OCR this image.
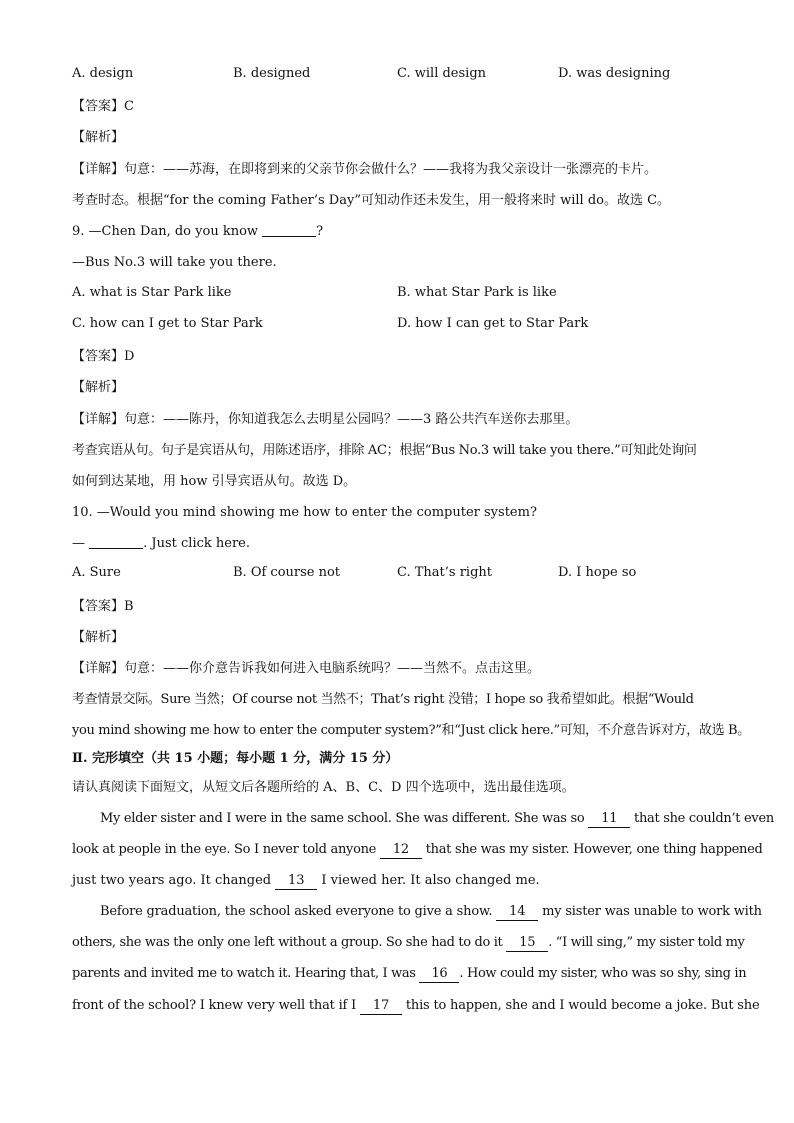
A. design	B. designed	C. will design	D. was designing
【答案】C
【解析】
【详解】句意：——苏海，在即将到来的父亲节你会做什么？——我将为我父亲设计一张漂亮的卡片。
考查时态。根据“for the coming Father’s Day”可知动作还未发生，用一般将来时 will do。故选 C。
9. —Chen Dan, do you know	?
—Bus No.3 will take you there.
A. what is Star Park like	B. what Star Park is like
C. how can I get to Star Park	D. how I can get to Star Park
【答案】D
【解析】
【详解】句意：——陈丹，你知道我怎么去明星公园吗？——3 路公共汽车送你去那里。
考查宾语从句。句子是宾语从句，用陈述语序，排除 AC；根据“Bus No.3 will take you there.”可知此处询问
如何到达某地，用 how 引导宾语从句。故选 D。
10. —Would you mind showing me how to enter the computer system?
—	. Just click here.
A. Sure	B. Of course not	C. That’s right	D. I hope so
【答案】B
【解析】
【详解】句意：——你介意告诉我如何进入电脑系统吗？——当然不。点击这里。
考查情景交际。Sure 当然；Of course not 当然不；That’s right 没错；I hope so 我希望如此。根据“Would
you mind showing me how to enter the computer system?”和“Just click here.”可知，不介意告诉对方，故选 B。
Ⅱ. 完形填空（共 15 小题；每小题 1 分，满分 15 分）
请认真阅读下面短文，从短文后各题所给的 A、B、C、D 四个选项中，选出最佳选项。
My elder sister and I were in the same school. She was different. She was so 11 that she couldn’t even
look at people in the eye. So I never told anyone 12 that she was my sister. However, one thing happened
just two years ago. It changed 13 I viewed her. It also changed me.
Before graduation, the school asked everyone to give a show. 14 my sister was unable to work with
others, she was the only one left without a group. So she had to do it 15 . “I will sing,” my sister told my
parents and invited me to watch it. Hearing that, I was 16 . How could my sister, who was so shy, sing in
front of the school? I knew very well that if I 17 this to happen, she and I would become a joke. But she
